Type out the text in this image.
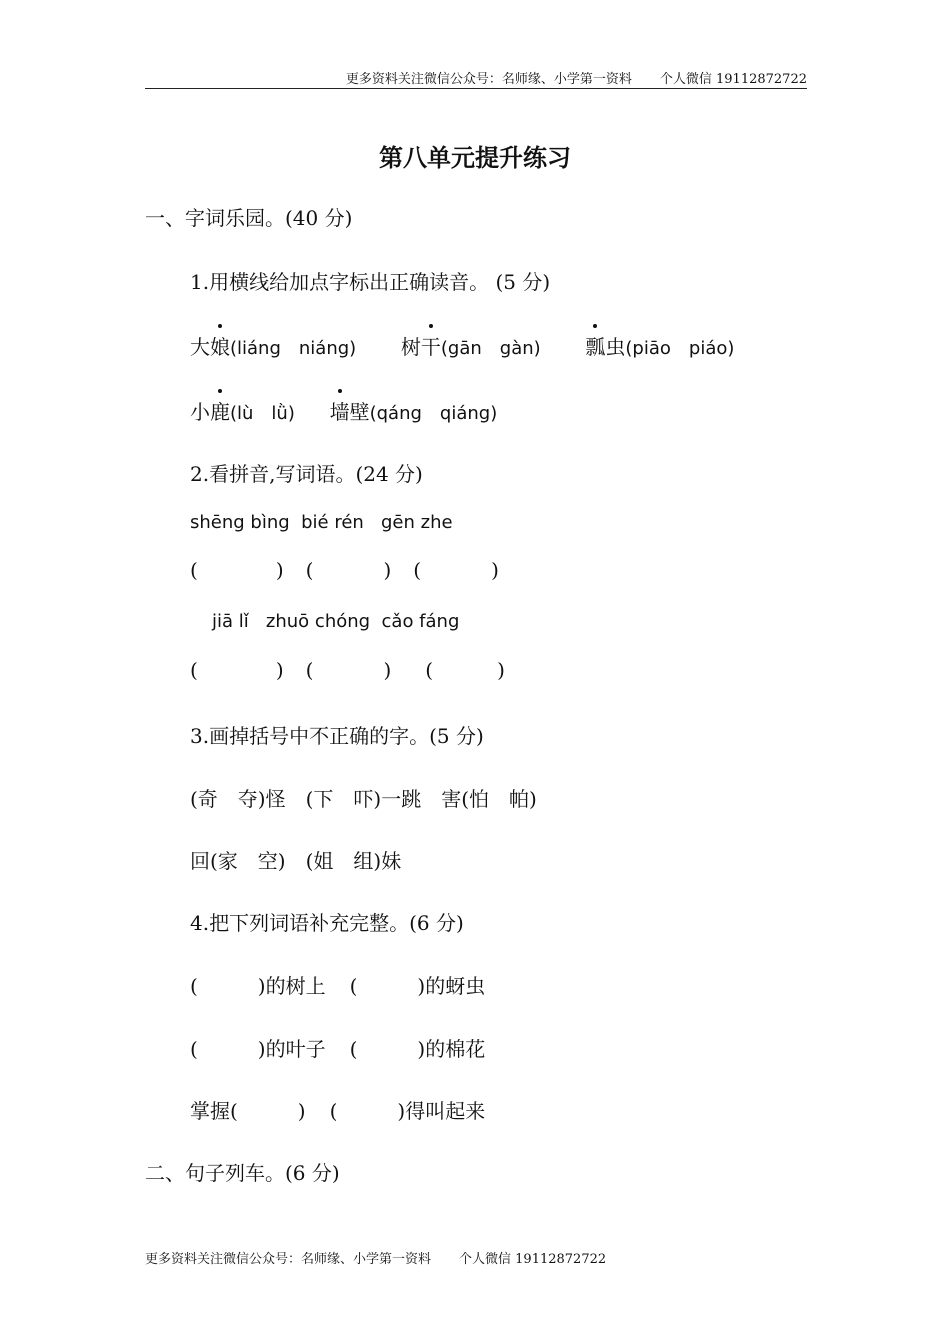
更多资料关注微信公众号：名师缘、小学第一资料 个人微信 19112872722
第八单元提升练习
一、字词乐园。(40 分)
1.用横线给加点字标出正确读音。 (5 分)
大娘(liáng　niáng) 树干(gān　gàn) 瓢虫(piāo　piáo)
小鹿(lù　lǜ) 墙壁(qáng　qiáng)
2.看拼音,写词语。(24 分)
shēng bìng  bié rén   gēn zhe
(	) (	) (	)
jiā lǐ   zhuō chóng  cǎo fáng
(	) (	) (	)
3.画掉括号中不正确的字。(5 分)
(奇　夺)怪　(下　吓)一跳　害(怕　帕)
回(家　空)　(姐　组)妹
4.把下列词语补充完整。(6 分)
(　　　)的树上 (　　　)的蚜虫
(　　　)的叶子 (　　　)的棉花
掌握(　　　) (　　　)得叫起来
二、句子列车。(6 分)
更多资料关注微信公众号：名师缘、小学第一资料 个人微信 19112872722
